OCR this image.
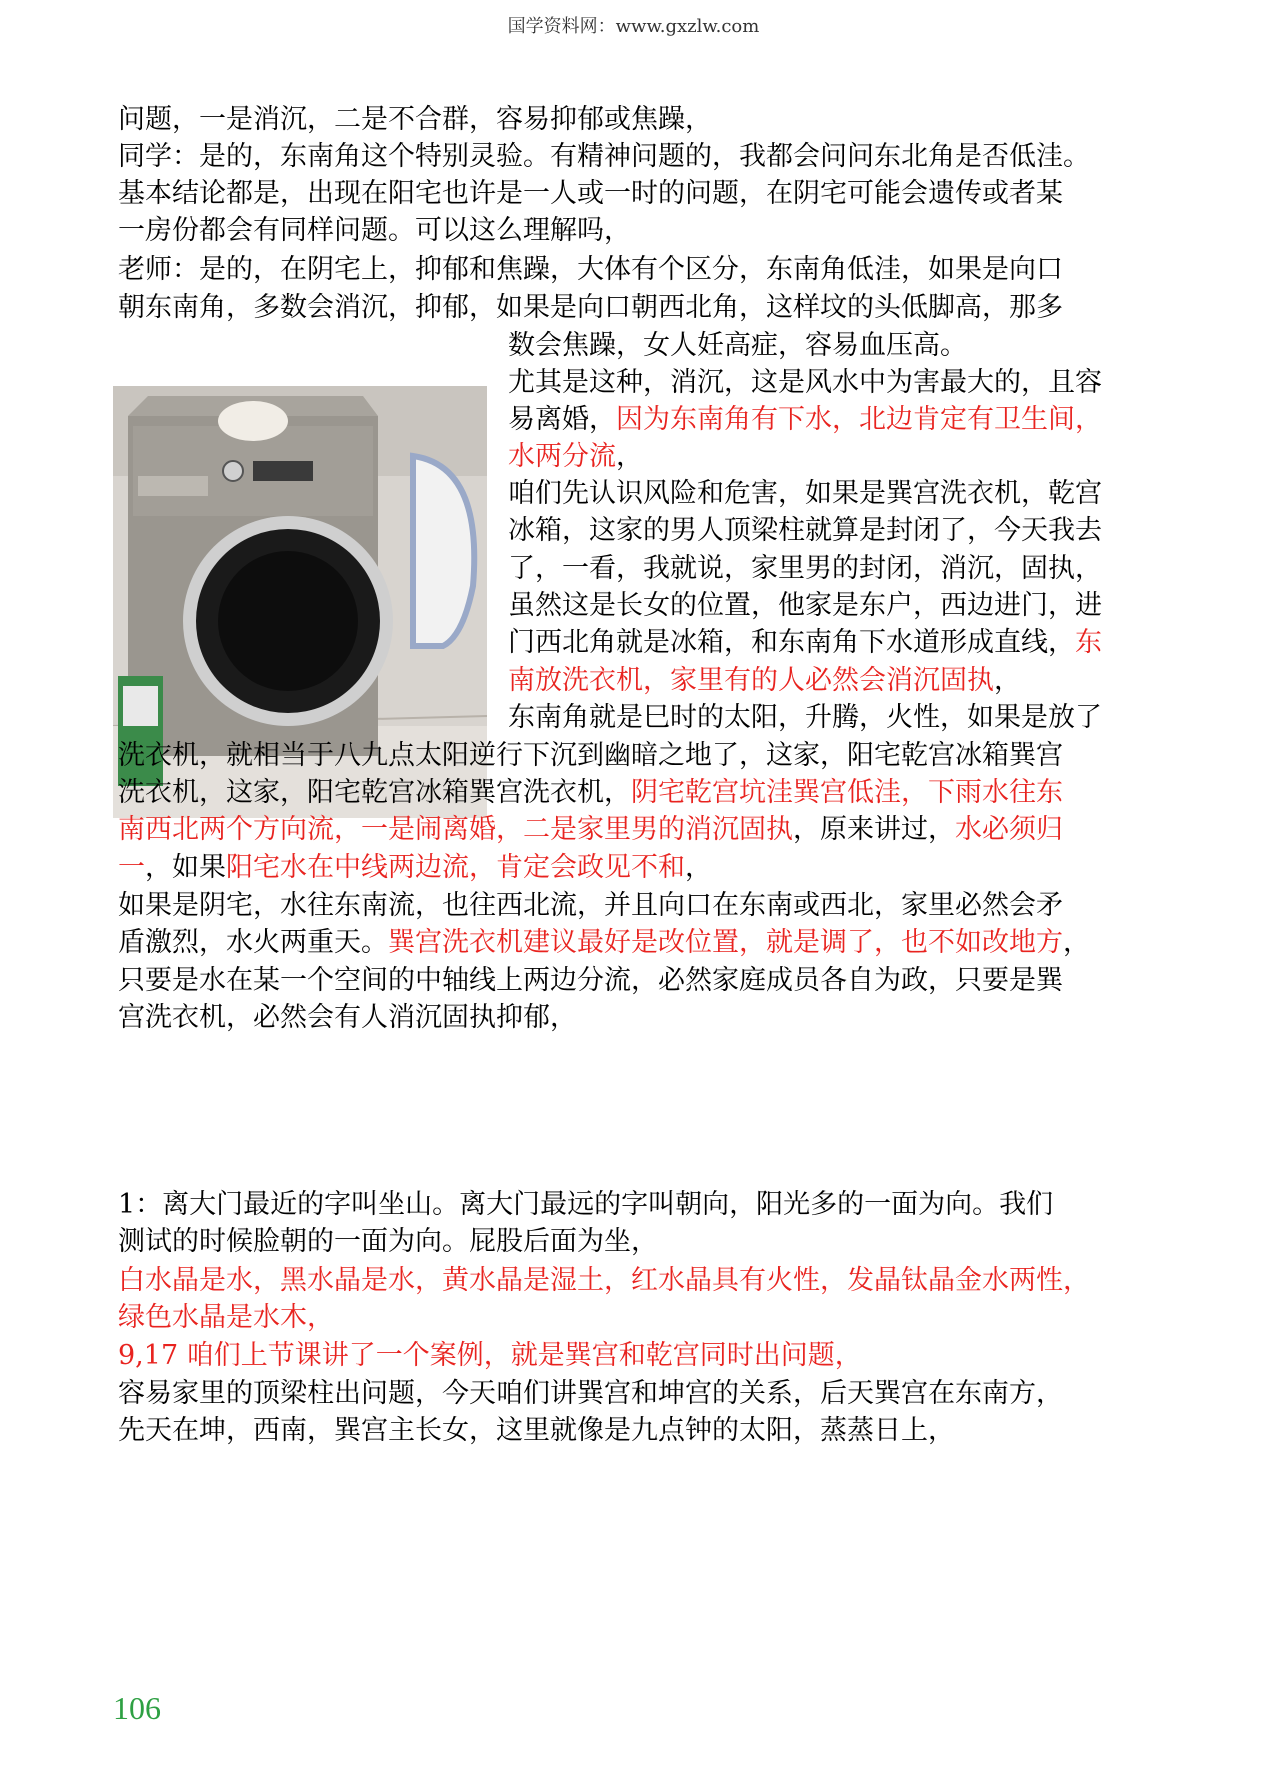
国学资料网：www.gxzlw.com
问题，一是消沉，二是不合群，容易抑郁或焦躁，
同学：是的，东南角这个特别灵验。有精神问题的，我都会问问东北角是否低洼。
基本结论都是，出现在阳宅也许是一人或一时的问题，在阴宅可能会遗传或者某
一房份都会有同样问题。可以这么理解吗，
老师：是的，在阴宅上，抑郁和焦躁，大体有个区分，东南角低洼，如果是向口
朝东南角，多数会消沉，抑郁，如果是向口朝西北角，这样坟的头低脚高，那多
数会焦躁，女人妊高症，容易血压高。
尤其是这种，消沉，这是风水中为害最大的，且容
易离婚，因为东南角有下水，北边肯定有卫生间，
水两分流，
咱们先认识风险和危害，如果是巽宫洗衣机，乾宫
冰箱，这家的男人顶梁柱就算是封闭了，今天我去
了，一看，我就说，家里男的封闭，消沉，固执，
虽然这是长女的位置，他家是东户，西边进门，进
门西北角就是冰箱，和东南角下水道形成直线，东
南放洗衣机，家里有的人必然会消沉固执，
东南角就是巳时的太阳，升腾，火性，如果是放了
洗衣机，就相当于八九点太阳逆行下沉到幽暗之地了，这家，阳宅乾宫冰箱巽宫
洗衣机，这家，阳宅乾宫冰箱巽宫洗衣机，阴宅乾宫坑洼巽宫低洼，下雨水往东
南西北两个方向流，一是闹离婚，二是家里男的消沉固执，原来讲过，水必须归
一，如果阳宅水在中线两边流，肯定会政见不和，
如果是阴宅，水往东南流，也往西北流，并且向口在东南或西北，家里必然会矛
盾激烈，水火两重天。巽宫洗衣机建议最好是改位置，就是调了，也不如改地方，
只要是水在某一个空间的中轴线上两边分流，必然家庭成员各自为政，只要是巽
宫洗衣机，必然会有人消沉固执抑郁，
1：离大门最近的字叫坐山。离大门最远的字叫朝向，阳光多的一面为向。我们
测试的时候脸朝的一面为向。屁股后面为坐，
白水晶是水，黑水晶是水，黄水晶是湿土，红水晶具有火性，发晶钛晶金水两性，
绿色水晶是水木，
9,17 咱们上节课讲了一个案例，就是巽宫和乾宫同时出问题，
容易家里的顶梁柱出问题，今天咱们讲巽宫和坤宫的关系，后天巽宫在东南方，
先天在坤，西南，巽宫主长女，这里就像是九点钟的太阳，蒸蒸日上，
106
